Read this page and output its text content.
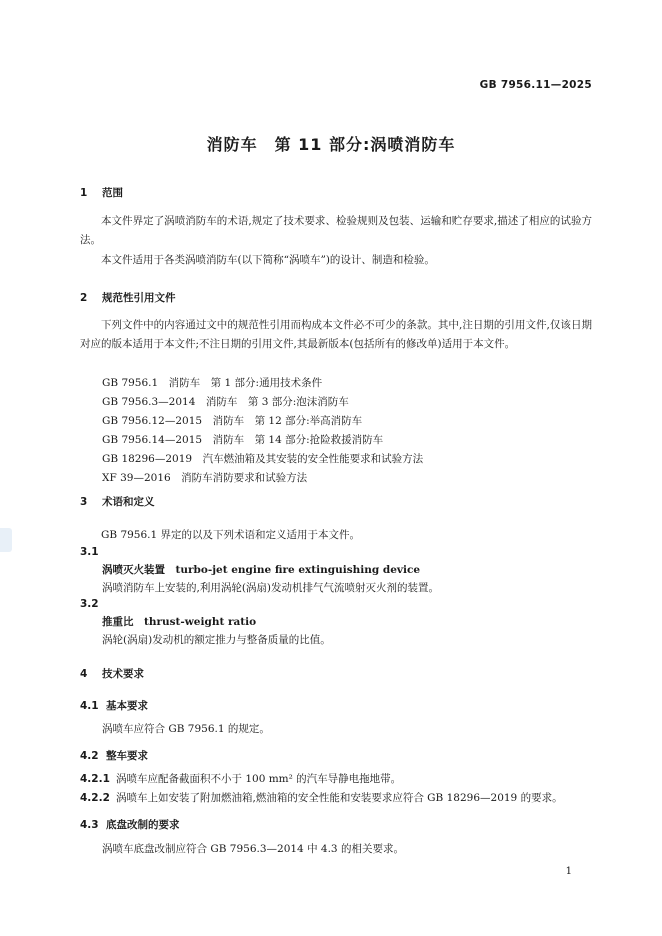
GB 7956.11—2025
消防车　第 11 部分:涡喷消防车
1 范围
本文件界定了涡喷消防车的术语,规定了技术要求、检验规则及包装、运输和贮存要求,描述了相应的试验方法。
本文件适用于各类涡喷消防车(以下简称“涡喷车”)的设计、制造和检验。
2 规范性引用文件
下列文件中的内容通过文中的规范性引用而构成本文件必不可少的条款。其中,注日期的引用文件,仅该日期对应的版本适用于本文件;不注日期的引用文件,其最新版本(包括所有的修改单)适用于本文件。
GB 7956.1　消防车　第 1 部分:通用技术条件
GB 7956.3—2014　消防车　第 3 部分:泡沫消防车
GB 7956.12—2015　消防车　第 12 部分:举高消防车
GB 7956.14—2015　消防车　第 14 部分:抢险救援消防车
GB 18296—2019　汽车燃油箱及其安装的安全性能要求和试验方法
XF 39—2016　消防车消防要求和试验方法
3 术语和定义
GB 7956.1 界定的以及下列术语和定义适用于本文件。
3.1
涡喷灭火装置　 turbo-jet engine fire extinguishing device
涡喷消防车上安装的,利用涡轮(涡扇)发动机排气气流喷射灭火剂的装置。
3.2
推重比　 thrust-weight ratio
涡轮(涡扇)发动机的额定推力与整备质量的比值。
4 技术要求
4.1 基本要求
涡喷车应符合 GB 7956.1 的规定。
4.2 整车要求
4.2.1 涡喷车应配备截面积不小于 100 mm² 的汽车导静电拖地带。
4.2.2 涡喷车上如安装了附加燃油箱,燃油箱的安全性能和安装要求应符合 GB 18296—2019 的要求。
4.3 底盘改制的要求
涡喷车底盘改制应符合 GB 7956.3—2014 中 4.3 的相关要求。
1
